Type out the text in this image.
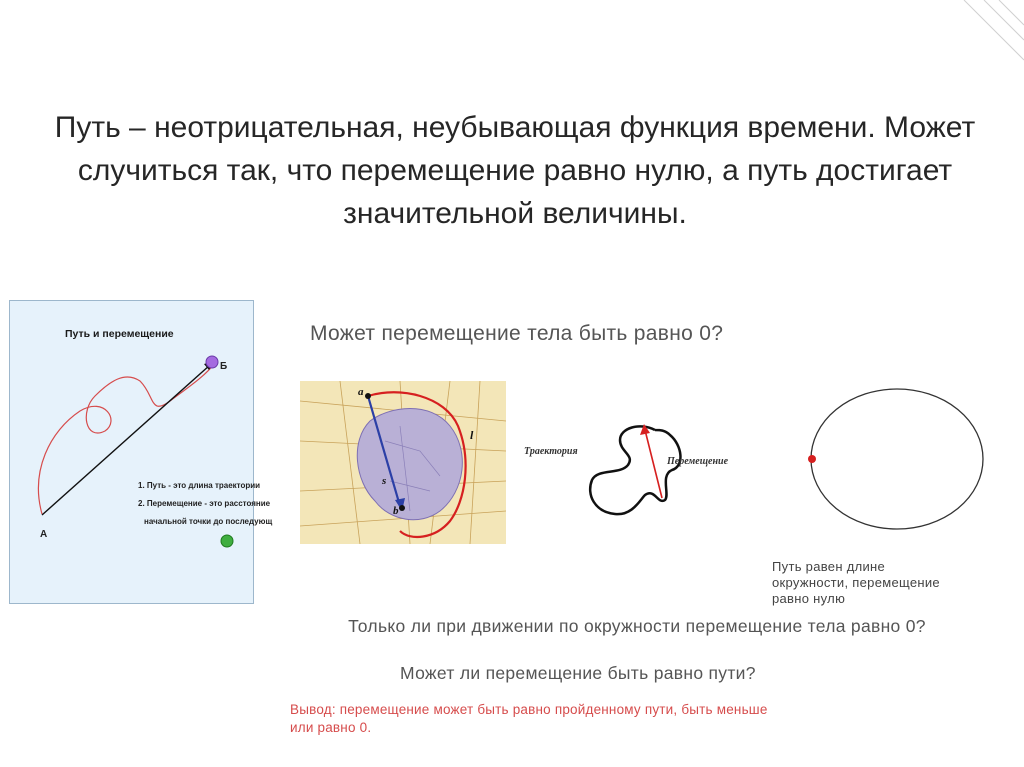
Путь – неотрицательная, неубывающая функция времени. Может случиться так, что перемещение равно нулю, а путь достигает значительной величины.
Путь и перемещение
А
Б
1. Путь - это длина траектории
2. Перемещение - это расстояние
начальной точки до последующ
Может перемещение тела быть равно 0?
a
b
s
l
Траектория
Перемещение
Путь равен длине
окружности, перемещение
равно нулю
Только ли при движении по окружности перемещение тела равно 0?
Может ли перемещение быть равно пути?
Вывод: перемещение может быть равно пройденному пути, быть меньше
или равно 0.
